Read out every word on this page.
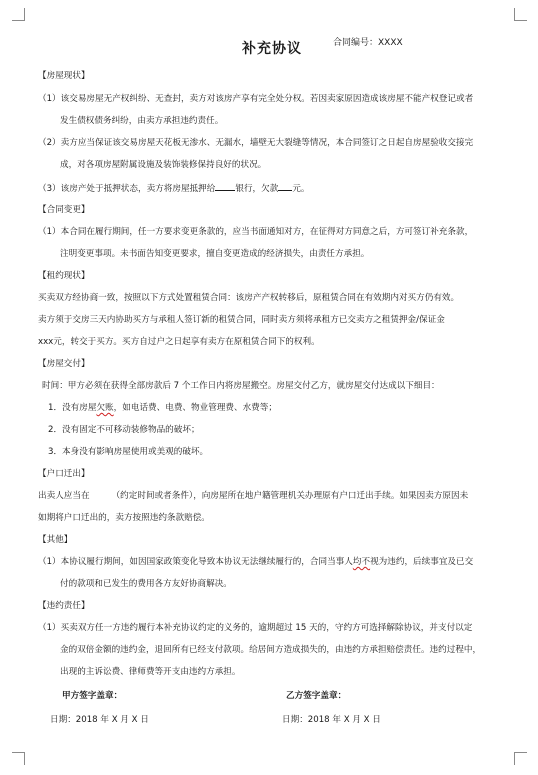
补充协议	合同编号：XXXX
【房屋现状】
（1）该交易房屋无产权纠纷、无查封，卖方对该房产享有完全处分权。若因卖家原因造成该房屋不能产权登记或者
发生债权债务纠纷，由卖方承担违约责任。
（2）卖方应当保证该交易房屋天花板无渗水、无漏水，墙壁无大裂缝等情况，本合同签订之日起自房屋验收交接完
成，对各项房屋附属设施及装饰装修保持良好的状况。
（3）该房产处于抵押状态，卖方将房屋抵押给 银行，欠款 元。
【合同变更】
（1）本合同在履行期间，任一方要求变更条款的，应当书面通知对方，在征得对方同意之后，方可签订补充条款，
注明变更事项。未书面告知变更要求，擅自变更造成的经济损失，由责任方承担。
【租约现状】
买卖双方经协商一致，按照以下方式处置租赁合同：该房产产权转移后，原租赁合同在有效期内对买方仍有效。
卖方须于交房三天内协助买方与承租人签订新的租赁合同，同时卖方须将承租方已交卖方之租赁押金/保证金
xxx元，转交于买方。买方自过户之日起享有卖方在原租赁合同下的权利。
【房屋交付】
时间：甲方必须在获得全部房款后 7 个工作日内将房屋搬空。房屋交付乙方，就房屋交付达成以下细目：
1．没有房屋欠账，如电话费、电费、物业管理费、水费等；
2．没有固定不可移动装修物品的破坏；
3．本身没有影响房屋使用或美观的破坏。
【户口迁出】
出卖人应当在	（约定时间或者条件），向房屋所在地户籍管理机关办理原有户口迁出手续。如果因卖方原因未
如期将户口迁出的，卖方按照违约条款赔偿。
【其他】
（1）本协议履行期间，如因国家政策变化导致本协议无法继续履行的，合同当事人均不视为违约，后续事宜及已交
付的款项和已发生的费用各方友好协商解决。
【违约责任】
（1）买卖双方任一方违约履行本补充协议约定的义务的，逾期超过 15 天的，守约方可选择解除协议，并支付以定
金的双倍金额的违约金，退回所有已经支付款项。给居间方造成损失的，由违约方承担赔偿责任。违约过程中，
出现的主诉讼费、律师费等开支由违约方承担。
甲方签字盖章：	乙方签字盖章：
日期：2018 年 X 月 X 日	日期：2018 年 X 月 X 日
